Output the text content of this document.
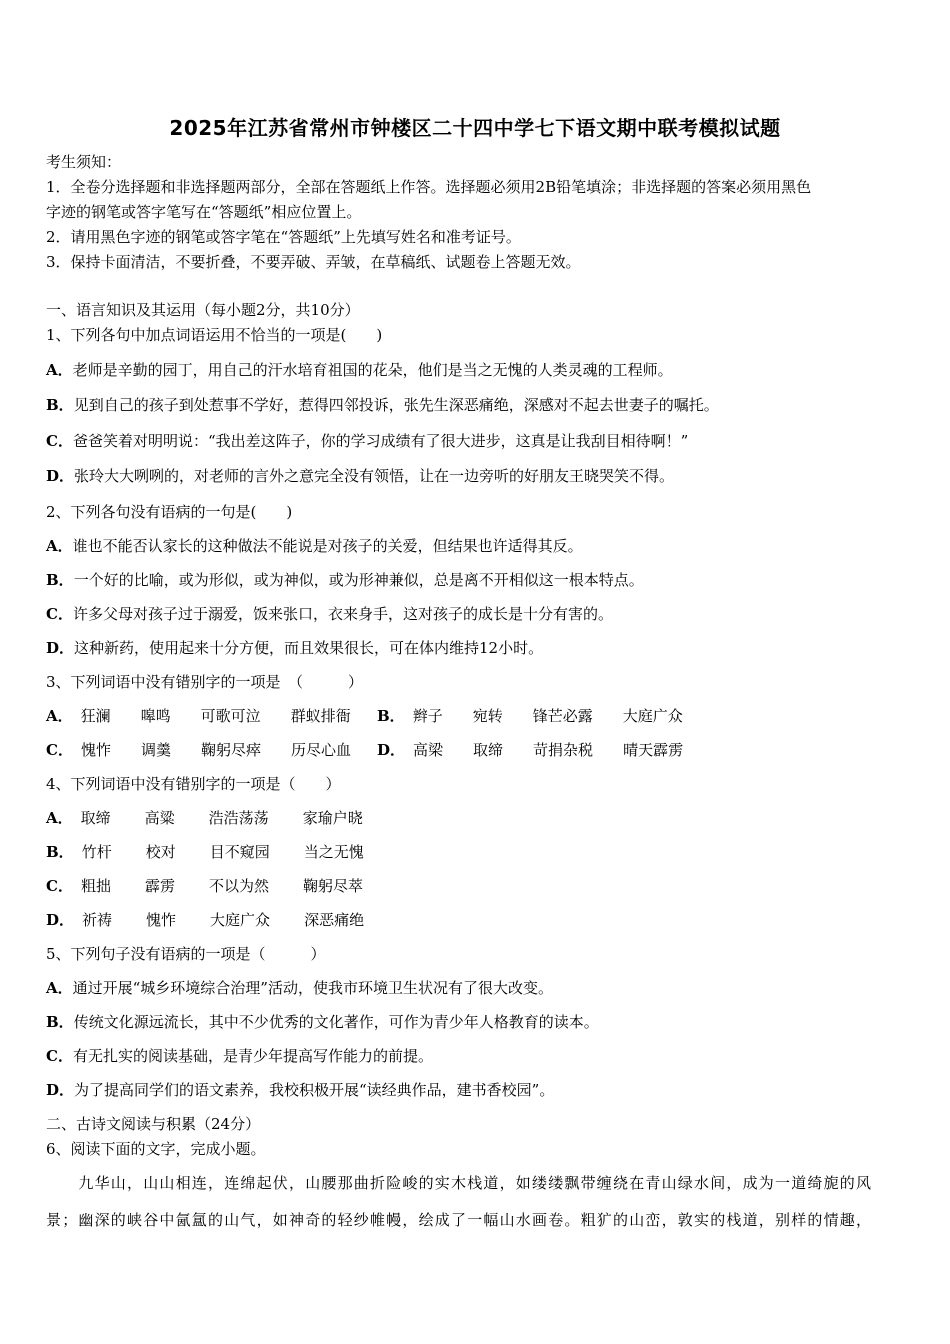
2025年江苏省常州市钟楼区二十四中学七下语文期中联考模拟试题
考生须知：
1．全卷分选择题和非选择题两部分，全部在答题纸上作答。选择题必须用2B铅笔填涂；非选择题的答案必须用黑色
字迹的钢笔或答字笔写在“答题纸”相应位置上。
2．请用黑色字迹的钢笔或答字笔在“答题纸”上先填写姓名和准考证号。
3．保持卡面清洁，不要折叠，不要弄破、弄皱，在草稿纸、试题卷上答题无效。
一、语言知识及其运用（每小题2分，共10分）
1、下列各句中加点词语运用不恰当的一项是(　　)
A．老师是辛勤的园丁，用自己的汗水培育祖国的花朵，他们是当之无愧的人类灵魂的工程师。
B．见到自己的孩子到处惹事不学好，惹得四邻投诉，张先生深恶痛绝，深感对不起去世妻子的嘱托。
C．爸爸笑着对明明说：“我出差这阵子，你的学习成绩有了很大进步，这真是让我刮目相待啊！”
D．张玲大大咧咧的，对老师的言外之意完全没有领悟，让在一边旁听的好朋友王晓哭笑不得。
2、下列各句没有语病的一句是(　　)
A．谁也不能否认家长的这种做法不能说是对孩子的关爱，但结果也许适得其反。
B．一个好的比喻，或为形似，或为神似，或为形神兼似，总是离不开相似这一根本特点。
C．许多父母对孩子过于溺爱，饭来张口，衣来身手，这对孩子的成长是十分有害的。
D．这种新药，使用起来十分方便，而且效果很长，可在体内维持12小时。
3、下列词语中没有错别字的一项是　（　　　）
A． 狂澜 嗥鸣 可歌可泣 群蚁排衙	B． 辫子 宛转 锋芒必露 大庭广众
C． 愧怍 调羹 鞠躬尽瘁 历尽心血	D． 高梁 取缔 苛捐杂税 晴天霹雳
4、下列词语中没有错别字的一项是（　　）
A． 取缔 高粱 浩浩荡荡 家瑜户晓
B． 竹杆 校对 目不窥园 当之无愧
C． 粗拙 霹雳 不以为然 鞠躬尽萃
D． 祈祷 愧怍 大庭广众 深恶痛绝
5、下列句子没有语病的一项是（　　　）
A．通过开展“城乡环境综合治理”活动，使我市环境卫生状况有了很大改变。
B．传统文化源远流长，其中不少优秀的文化著作，可作为青少年人格教育的读本。
C．有无扎实的阅读基础，是青少年提高写作能力的前提。
D．为了提高同学们的语文素养，我校积极开展“读经典作品，建书香校园”。
二、古诗文阅读与积累（24分）
6、阅读下面的文字，完成小题。
　　九华山，山山相连，连绵起伏，山腰那曲折险峻的实木栈道，如缕缕飘带缠绕在青山绿水间，成为一道绮旎的风
景；幽深的峡谷中氤氲的山气，如神奇的轻纱帷幔，绘成了一幅山水画卷。粗犷的山峦，敦实的栈道，别样的情趣，
